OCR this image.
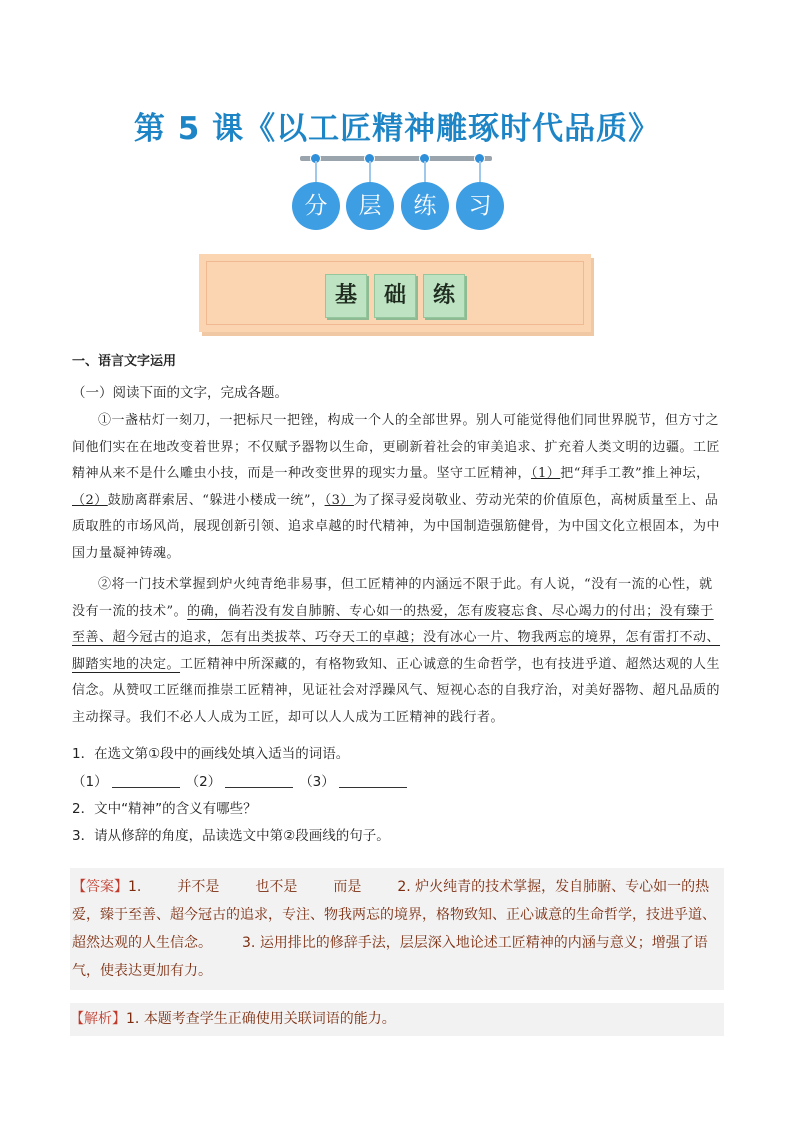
第 5 课《以工匠精神雕琢时代品质》
分	层	练	习
基	础	练
一、语言文字运用
（一）阅读下面的文字，完成各题。
①一盏枯灯一刻刀，一把标尺一把锉，构成一个人的全部世界。别人可能觉得他们同世界脱节，但方寸之间他们实在在地改变着世界；不仅赋予器物以生命，更刷新着社会的审美追求、扩充着人类文明的边疆。工匠精神从来不是什么雕虫小技，而是一种改变世界的现实力量。坚守工匠精神，（1）把“拜手工教”推上神坛，（2）鼓励离群索居、“躲进小楼成一统”，（3）为了探寻爱岗敬业、劳动光荣的价值原色，高树质量至上、品质取胜的市场风尚，展现创新引领、追求卓越的时代精神，为中国制造强筋健骨，为中国文化立根固本，为中国力量凝神铸魂。
②将一门技术掌握到炉火纯青绝非易事，但工匠精神的内涵远不限于此。有人说，“没有一流的心性，就没有一流的技术”。的确，倘若没有发自肺腑、专心如一的热爱，怎有废寝忘食、尽心竭力的付出；没有臻于至善、超今冠古的追求，怎有出类拔萃、巧夺天工的卓越；没有冰心一片、物我两忘的境界，怎有雷打不动、脚踏实地的决定。工匠精神中所深藏的，有格物致知、正心诚意的生命哲学，也有技进乎道、超然达观的人生信念。从赞叹工匠继而推崇工匠精神，见证社会对浮躁风气、短视心态的自我疗治，对美好器物、超凡品质的主动探寻。我们不必人人成为工匠，却可以人人成为工匠精神的践行者。
1．在选文第①段中的画线处填入适当的词语。
（1）	（2）	（3）
2．文中“精神”的含义有哪些？
3．请从修辞的角度，品读选文中第②段画线的句子。
【答案】1.	并不是	也不是	而是	2. 炉火纯青的技术掌握，发自肺腑、专心如一的热爱，臻于至善、超今冠古的追求，专注、物我两忘的境界，格物致知、正心诚意的生命哲学，技进乎道、超然达观的人生信念。 3. 运用排比的修辞手法，层层深入地论述工匠精神的内涵与意义；增强了语气，使表达更加有力。
【解析】1. 本题考查学生正确使用关联词语的能力。
